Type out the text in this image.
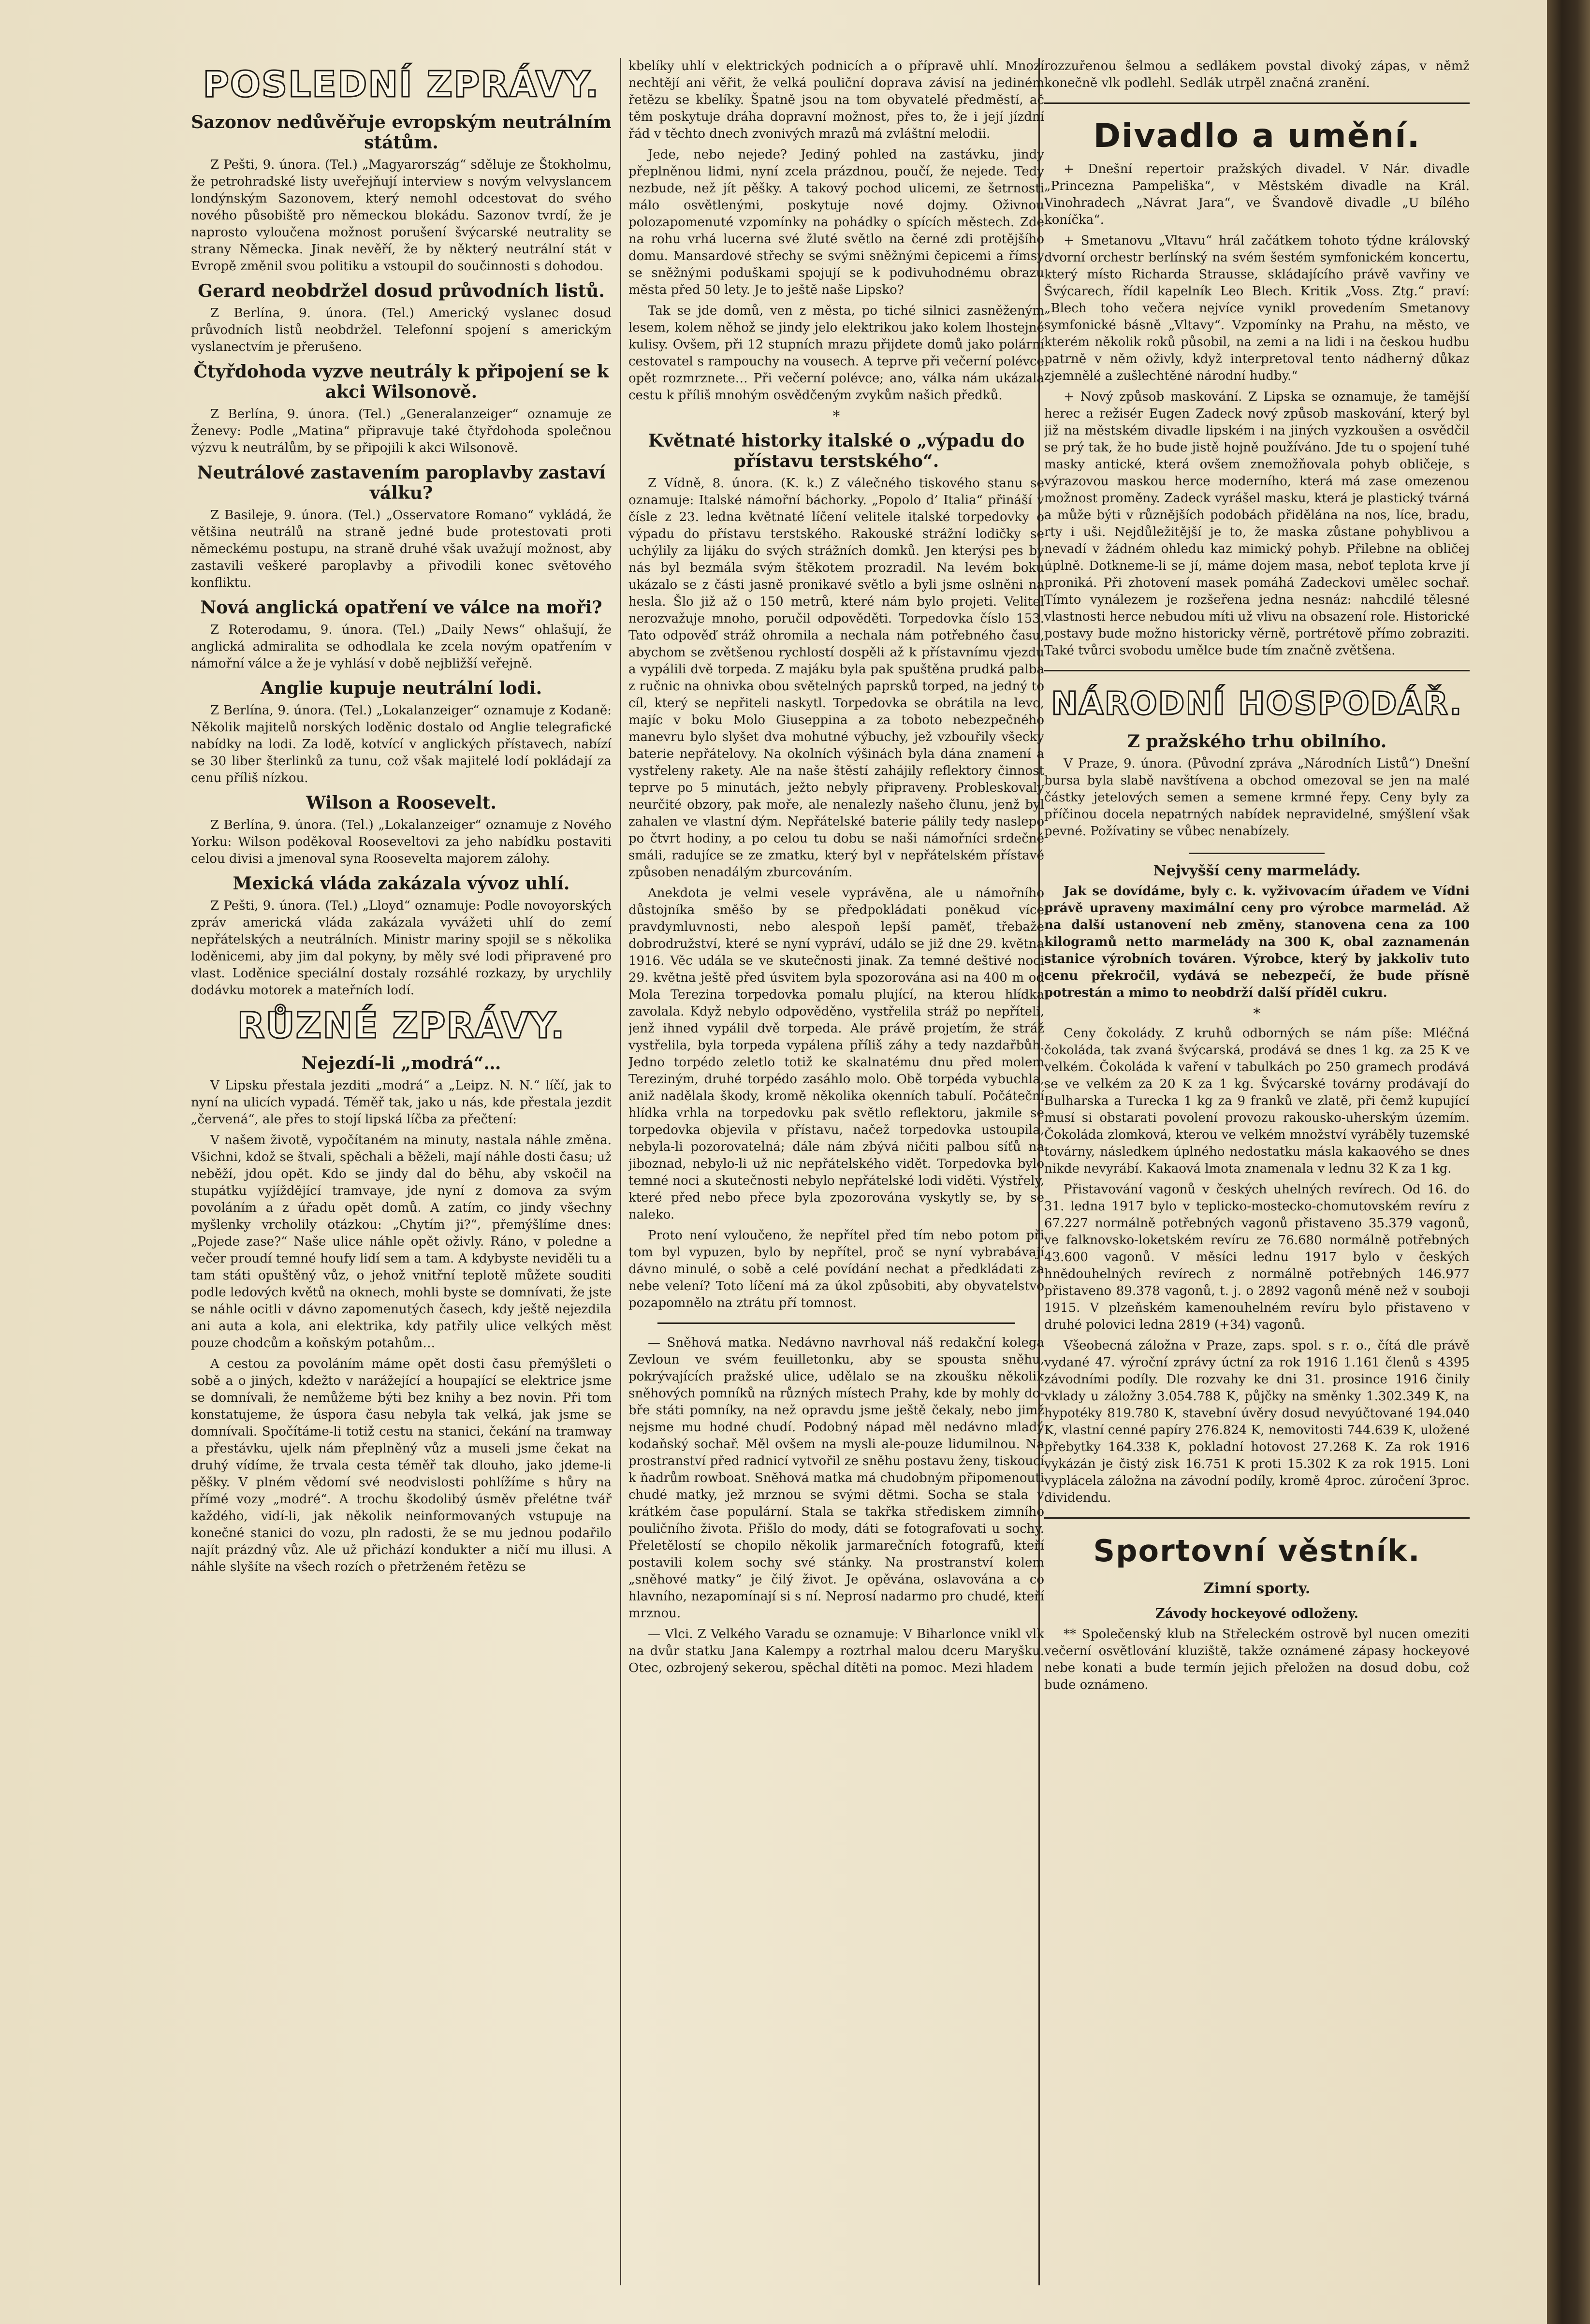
POSLEDNÍ ZPRÁVY.
Sazonov nedůvěřuje evropským neutrálním státům.

Z Pešti, 9. února. (Tel.) „Magyarország“ sděluje ze Štokholmu, že petrohradské listy uveřejňují interview s novým velvyslancem londýnským Sazonovem, který nemohl odcestovat do svého nového působiště pro německou blokádu. Sazonov tvrdí, že je naprosto vyloučena možnost porušení švýcarské neutrality se strany Německa. Jinak nevěří, že by některý neutrální stát v Evropě změnil svou politiku a vstoupil do součinnosti s dohodou.

Gerard neobdržel dosud průvodních listů.

Z Berlína, 9. února. (Tel.) Americký vyslanec dosud průvodních listů neobdržel. Telefonní spojení s americkým vyslanectvím je přerušeno.

Čtyřdohoda vyzve neutrály k připojení se k akci Wilsonově.

Z Berlína, 9. února. (Tel.) „Generalanzeiger“ oznamuje ze Ženevy: Podle „Matina“ připravuje také čtyřdohoda společnou výzvu k neutrálům, by se připojili k akci Wilsonově.

Neutrálové zastavením paroplavby zastaví válku?

Z Basileje, 9. února. (Tel.) „Osservatore Romano“ vykládá, že většina neutrálů na straně jedné bude protestovati proti německému postupu, na straně druhé však uvažují možnost, aby zastavili veškeré paroplavby a přivodili konec světového konfliktu.

Nová anglická opatření ve válce na moři?

Z Roterodamu, 9. února. (Tel.) „Daily News“ ohlašují, že anglická admiralita se odhodlala ke zcela novým opatřením v námořní válce a že je vyhlásí v době nejbližší veřejně.

Anglie kupuje neutrální lodi.

Z Berlína, 9. února. (Tel.) „Lokalanzeiger“ oznamuje z Kodaně: Několik majitelů norských loděnic dostalo od Anglie telegrafické nabídky na lodi. Za lodě, kotvící v anglických přístavech, nabízí se 30 liber šterlinků za tunu, což však majitelé lodí pokládají za cenu příliš nízkou.

Wilson a Roosevelt.

Z Berlína, 9. února. (Tel.) „Lokalanzeiger“ oznamuje z Nového Yorku: Wilson poděkoval Rooseveltovi za jeho nabídku postaviti celou divisi a jmenoval syna Roosevelta majorem zálohy.

Mexická vláda zakázala vývoz uhlí.

Z Pešti, 9. února. (Tel.) „Lloyd“ oznamuje: Podle novoyorských zpráv americká vláda zakázala vyvážeti uhlí do zemí nepřátelských a neutrálních. Ministr mariny spojil se s několika loděnicemi, aby jim dal pokyny, by měly své lodi připravené pro vlast. Loděnice speciální dostaly rozsáhlé rozkazy, by urychlily dodávku motorek a mateřních lodí.

RŮZNÉ ZPRÁVY.
Nejezdí-li „modrá“…

V Lipsku přestala jezditi „modrá“ a „Leipz. N. N.“ líčí, jak to nyní na ulicích vypadá. Téměř tak, jako u nás, kde přestala jezdit „červená“, ale přes to stojí lipská líčba za přečtení:

V našem životě, vypočítaném na minuty, nastala náhle změna. Všichni, kdož se štvali, spěchali a běželi, mají náhle dosti času; už neběží, jdou opět. Kdo se jindy dal do běhu, aby vskočil na stupátku vyjíždějící tramvaye, jde nyní z domova za svým povoláním a z úřadu opět domů. A zatím, co jindy všechny myšlenky vrcholily otázkou: „Chytím ji?“, přemýšlíme dnes: „Pojede zase?“ Naše ulice náhle opět oživly. Ráno, v poledne a večer proudí temné houfy lidí sem a tam. A kdybyste neviděli tu a tam státi opuštěný vůz, o jehož vnitřní teplotě můžete souditi podle ledových květů na oknech, mohli byste se domnívati, že jste se náhle ocitli v dávno zapomenutých časech, kdy ještě nejezdila ani auta a kola, ani elektrika, kdy patřily ulice velkých měst pouze chodcům a koňským potahům…

A cestou za povoláním máme opět dosti času přemýšleti o sobě a o jiných, kdežto v narážející a houpající se elektrice jsme se domnívali, že nemůžeme býti bez knihy a bez novin. Při tom konstatujeme, že úspora času nebyla tak velká, jak jsme se domnívali. Spočítáme-li totiž cestu na stanici, čekání na tramway a přestávku, ujelk nám přeplněný vůz a museli jsme čekat na druhý vídíme, že trvala cesta téměř tak dlouho, jako jdeme-li pěšky. V plném vědomí své neodvislosti pohlížíme s hůry na přímé vozy „modré“. A trochu škodolibý úsměv přelétne tvář každého, vidí-li, jak několik neinformovaných vstupuje na konečné stanici do vozu, pln radosti, že se mu jednou podařilo najít prázdný vůz. Ale už přichází kondukter a ničí mu illusi. A náhle slyšíte na všech rozích o přetrženém řetězu se

kbelíky uhlí v elektrických podnicích a o přípravě uhlí. Mnozí nechtějí ani věřit, že velká pouliční doprava závisí na jediném řetězu se kbelíky. Špatně jsou na tom obyvatelé předměstí, ač těm poskytuje dráha dopravní možnost, přes to, že i její jízdní řád v těchto dnech zvonivých mrazů má zvláštní melodii.

Jede, nebo nejede? Jediný pohled na zastávku, jindy přeplněnou lidmi, nyní zcela prázdnou, poučí, že nejede. Tedy nezbude, než jít pěšky. A takový pochod ulicemi, ze šetrnosti málo osvětlenými, poskytuje nové dojmy. Oživnou polozapomenuté vzpomínky na pohádky o spících městech. Zde na rohu vrhá lucerna své žluté světlo na černé zdi protějšího domu. Mansardové střechy se svými sněžnými čepicemi a římsy se sněžnými poduškami spojují se k podivuhodnému obrazu města před 50 lety. Je to ještě naše Lipsko?

Tak se jde domů, ven z města, po tiché silnici zasněženým lesem, kolem něhož se jindy jelo elektrikou jako kolem lhostejné kulisy. Ovšem, při 12 stupních mrazu přijdete domů jako polární cestovatel s rampouchy na vousech. A teprve při večerní polévce opět rozmrznete… Při večerní polévce; ano, válka nám ukázala cestu k příliš mnohým osvědčeným zvykům našich předků.

*
Květnaté historky italské o „výpadu do přístavu terstského“.

Z Vídně, 8. února. (K. k.) Z válečného tiskového stanu se oznamuje: Italské námořní báchorky. „Popolo d’ Italia“ přináší v čísle z 23. ledna květnaté líčení velitele italské torpedovky o výpadu do přístavu terstského. Rakouské strážní lodičky se uchýlily za lijáku do svých strážních domků. Jen kterýsi pes by nás byl bezmála svým štěkotem prozradil. Na levém boku ukázalo se z části jasně pronikavé světlo a byli jsme oslněni na hesla. Šlo již až o 150 metrů, které nám bylo projeti. Velitel nerozvažuje mnoho, poručil odpověděti. Torpedovka číslo 153. Tato odpověď stráž ohromila a nechala nám potřebného času, abychom se zvětšenou rychlostí dospěli až k přístavnímu vjezdu a vypálili dvě torpeda. Z majáku byla pak spuštěna prudká palba z ručnic na ohnivka obou světelných paprsků torped, na jedný to cíl, který se nepřiteli naskytl. Torpedovka se obrátila na levo, majíc v boku Molo Giuseppina a za toboto nebezpečného manevru bylo slyšet dva mohutné výbuchy, jež vzbouřily všecky baterie nepřátelovy. Na okolních výšinách byla dána znamení a vystřeleny rakety. Ale na naše štěstí zahájily reflektory činnost teprve po 5 minutách, ježto nebyly připraveny. Probleskovaly neurčité obzory, pak moře, ale nenalezly našeho člunu, jenž byl zahalen ve vlastní dým. Nepřátelské baterie pálily tedy naslepo po čtvrt hodiny, a po celou tu dobu se naši námořníci srdečně smáli, radujíce se ze zmatku, který byl v nepřátelském přístavě způsoben nenadálým zburcováním.

Anekdota je velmi vesele vyprávěna, ale u námořního důstojníka směšo by se předpokládati poněkud více pravdymluvnosti, nebo alespoň lepší paměť, třebaže dobrodružství, které se nyní vypráví, událo se již dne 29. května 1916. Věc udála se ve skutečnosti jinak. Za temné deštivé noci 29. května ještě před úsvitem byla spozorována asi na 400 m od Mola Terezina torpedovka pomalu plující, na kterou hlídka zavolala. Když nebylo odpověděno, vystřelila stráž po nepříteli, jenž ihned vypálil dvě torpeda. Ale právě projetím, že stráž vystřelila, byla torpeda vypálena příliš záhy a tedy nazdařbůh. Jedno torpédo zeletlo totiž ke skalnatému dnu před molem Tereziným, druhé torpédo zasáhlo molo. Obě torpéda vybuchla, aniž nadělala škody, kromě několika okenních tabulí. Počáteční hlídka vrhla na torpedovku pak světlo reflektoru, jakmile se torpedovka objevila v přístavu, načež torpedovka ustoupila, nebyla-li pozorovatelná; dále nám zbývá ničiti palbou síťů na jiboznad, nebylo-li už nic nepřátelského vidět. Torpedovka bylo temné noci a skutečnosti nebylo nepřátelské lodi viděti. Výstřely, které před nebo přece byla zpozorována vyskytly se, by se naleko.

Proto není vyloučeno, že nepřítel před tím nebo potom při tom byl vypuzen, bylo by nepřítel, proč se nyní vybrabávají dávno minulé, o sobě a celé povídání nechat a předkládati za nebe velení? Toto líčení má za úkol způsobiti, aby obyvatelstvo pozapomnělo na ztrátu pří tomnost.

— Sněhová matka. Nedávno navrhoval náš redakční kolega Zevloun ve svém feuilletonku, aby se spousta sněhu, pokrývajících pražské ulice, udělalo se na zkoušku několik sněhových pomníků na různých místech Prahy, kde by mohly do-bře státi pomníky, na než opravdu jsme ještě čekaly, nebo jimž nejsme mu hodné chudí. Podobný nápad měl nedávno mladý kodaňský sochař. Měl ovšem na mysli ale-pouze lidumilnou. Na prostranství před radnicí vytvořil ze sněhu postavu ženy, tiskoucí k ňadrům rowboat. Sněhová matka má chudobným připomenouti chudé matky, jež mrznou se svými dětmi. Socha se stala v krátkém čase populární. Stala se takřka střediskem zimního pouličního života. Přišlo do mody, dáti se fotografovati u sochy. Přeletělostí se chopilo několik jarmarečních fotografů, kteří postavili kolem sochy své stánky. Na prostranství kolem „sněhové matky“ je čilý život. Je opěvána, oslavována a co hlavního, nezapomínají si s ní. Neprosí nadarmo pro chudé, kteří mrznou.

— Vlci. Z Velkého Varadu se oznamuje: V Biharlonce vnikl vlk na dvůr statku Jana Kalempy a roztrhal malou dceru Maryšku. Otec, ozbrojený sekerou, spěchal dítěti na pomoc. Mezi hladem

rozzuřenou šelmou a sedlákem povstal divoký zápas, v němž konečně vlk podlehl. Sedlák utrpěl značná zranění.

Divadlo a umění.

+ Dnešní repertoir pražských divadel. V Nár. divadle „Princezna Pampeliška“, v Městském divadle na Král. Vinohradech „Návrat Jara“, ve Švandově divadle „U bílého koníčka“.

+ Smetanovu „Vltavu“ hrál začátkem tohoto týdne královský dvorní orchestr berlínský na svém šestém symfonickém koncertu, který místo Richarda Strausse, skládajícího právě vavřiny ve Švýcarech, řídil kapelník Leo Blech. Kritik „Voss. Ztg.“ praví: „Blech toho večera nejvíce vynikl provedením Smetanovy symfonické básně „Vltavy“. Vzpomínky na Prahu, na město, ve kterém několik roků působil, na zemi a na lidi i na českou hudbu patrně v něm oživly, když interpretoval tento nádherný důkaz zjemnělé a zušlechtěné národní hudby.“

+ Nový způsob maskování. Z Lipska se oznamuje, že tamější herec a režisér Eugen Zadeck nový způsob maskování, který byl již na městském divadle lipském i na jiných vyzkoušen a osvědčil se prý tak, že ho bude jistě hojně používáno. Jde tu o spojení tuhé masky antické, která ovšem znemožňovala pohyb obličeje, s výrazovou maskou herce moderního, která má zase omezenou možnost proměny. Zadeck vyrášel masku, která je plastický tvárná a může býti v různějších podobách přidělána na nos, líce, bradu, rty i uši. Nejdůležitější je to, že maska zůstane pohyblivou a nevadí v žádném ohledu kaz mimický pohyb. Přilebne na obličej úplně. Dotkneme-li se jí, máme dojem masa, neboť teplota krve jí proniká. Při zhotovení masek pomáhá Zadeckovi umělec sochař. Tímto vynálezem je rozšeřena jedna nesnáz: nahcdilé tělesné vlastnosti herce nebudou míti už vlivu na obsazení role. Historické postavy bude možno historicky věrně, portrétově přímo zobraziti. Také tvůrci svobodu umělce bude tím značně zvětšena.

NÁRODNÍ HOSPODÁŘ.
Z pražského trhu obilního.

V Praze, 9. února. (Původní zpráva „Národních Listů“) Dnešní bursa byla slabě navštívena a obchod omezoval se jen na malé částky jetelových semen a semene krmné řepy. Ceny byly za příčinou docela nepatrných nabídek nepravidelné, smýšlení však pevné. Požívatiny se vůbec nenabízely.

Nejvyšší ceny marmelády.

Jak se dovídáme, byly c. k. vyživovacím úřadem ve Vídni právě upraveny maximální ceny pro výrobce marmelád. Až na další ustanovení neb změny, stanovena cena za 100 kilogramů netto marmelády na 300 K, obal zaznamenán stanice výrobních továren. Výrobce, který by jakkoliv tuto cenu překročil, vydává se nebezpečí, že bude přísně potrestán a mimo to neobdrží další příděl cukru.

*

Ceny čokolády. Z kruhů odborných se nám píše: Mléčná čokoláda, tak zvaná švýcarská, prodává se dnes 1 kg. za 25 K ve velkém. Čokoláda k vaření v tabulkách po 250 gramech prodává se ve velkém za 20 K za 1 kg. Švýcarské továrny prodávají do Bulharska a Turecka 1 kg za 9 franků ve zlatě, při čemž kupující musí si obstarati povolení provozu rakousko-uherským územím. Čokoláda zlomková, kterou ve velkém množství vyráběly tuzemské továrny, následkem úplného nedostatku másla kakaového se dnes nikde nevyrábí. Kakaová lmota znamenala v lednu 32 K za 1 kg.

Přistavování vagonů v českých uhelných revírech. Od 16. do 31. ledna 1917 bylo v teplicko-mostecko-chomutovském revíru z 67.227 normálně potřebných vagonů přistaveno 35.379 vagonů, ve falknovsko-loketském revíru ze 76.680 normálně potřebných 43.600 vagonů. V měsíci lednu 1917 bylo v českých hnědouhelných revírech z normálně potřebných 146.977 přistaveno 89.378 vagonů, t. j. o 2892 vagonů méně než v souboji 1915. V plzeňském kamenouhelném revíru bylo přistaveno v druhé polovici ledna 2819 (+34) vagonů.

Všeobecná záložna v Praze, zaps. spol. s r. o., čítá dle právě vydané 47. výroční zprávy úctní za rok 1916 1.161 členů s 4395 závodními podíly. Dle rozvahy ke dni 31. prosince 1916 činily vklady u záložny 3.054.788 K, půjčky na směnky 1.302.349 K, na hypotéky 819.780 K, stavební úvěry dosud nevyúčtované 194.040 K, vlastní cenné papíry 276.824 K, nemovitosti 744.639 K, uložené přebytky 164.338 K, pokladní hotovost 27.268 K. Za rok 1916 vykázán je čistý zisk 16.751 K proti 15.302 K za rok 1915. Loni vyplácela záložna na závodní podíly, kromě 4proc. zúročení 3proc. dividendu.

Sportovní věstník.
Zimní sporty.
Závody hockeyové odloženy.

** Společenský klub na Střeleckém ostrově byl nucen omeziti večerní osvětlování kluziště, takže oznámené zápasy hockeyové nebe konati a bude termín jejich přeložen na dosud dobu, což bude oznámeno.
